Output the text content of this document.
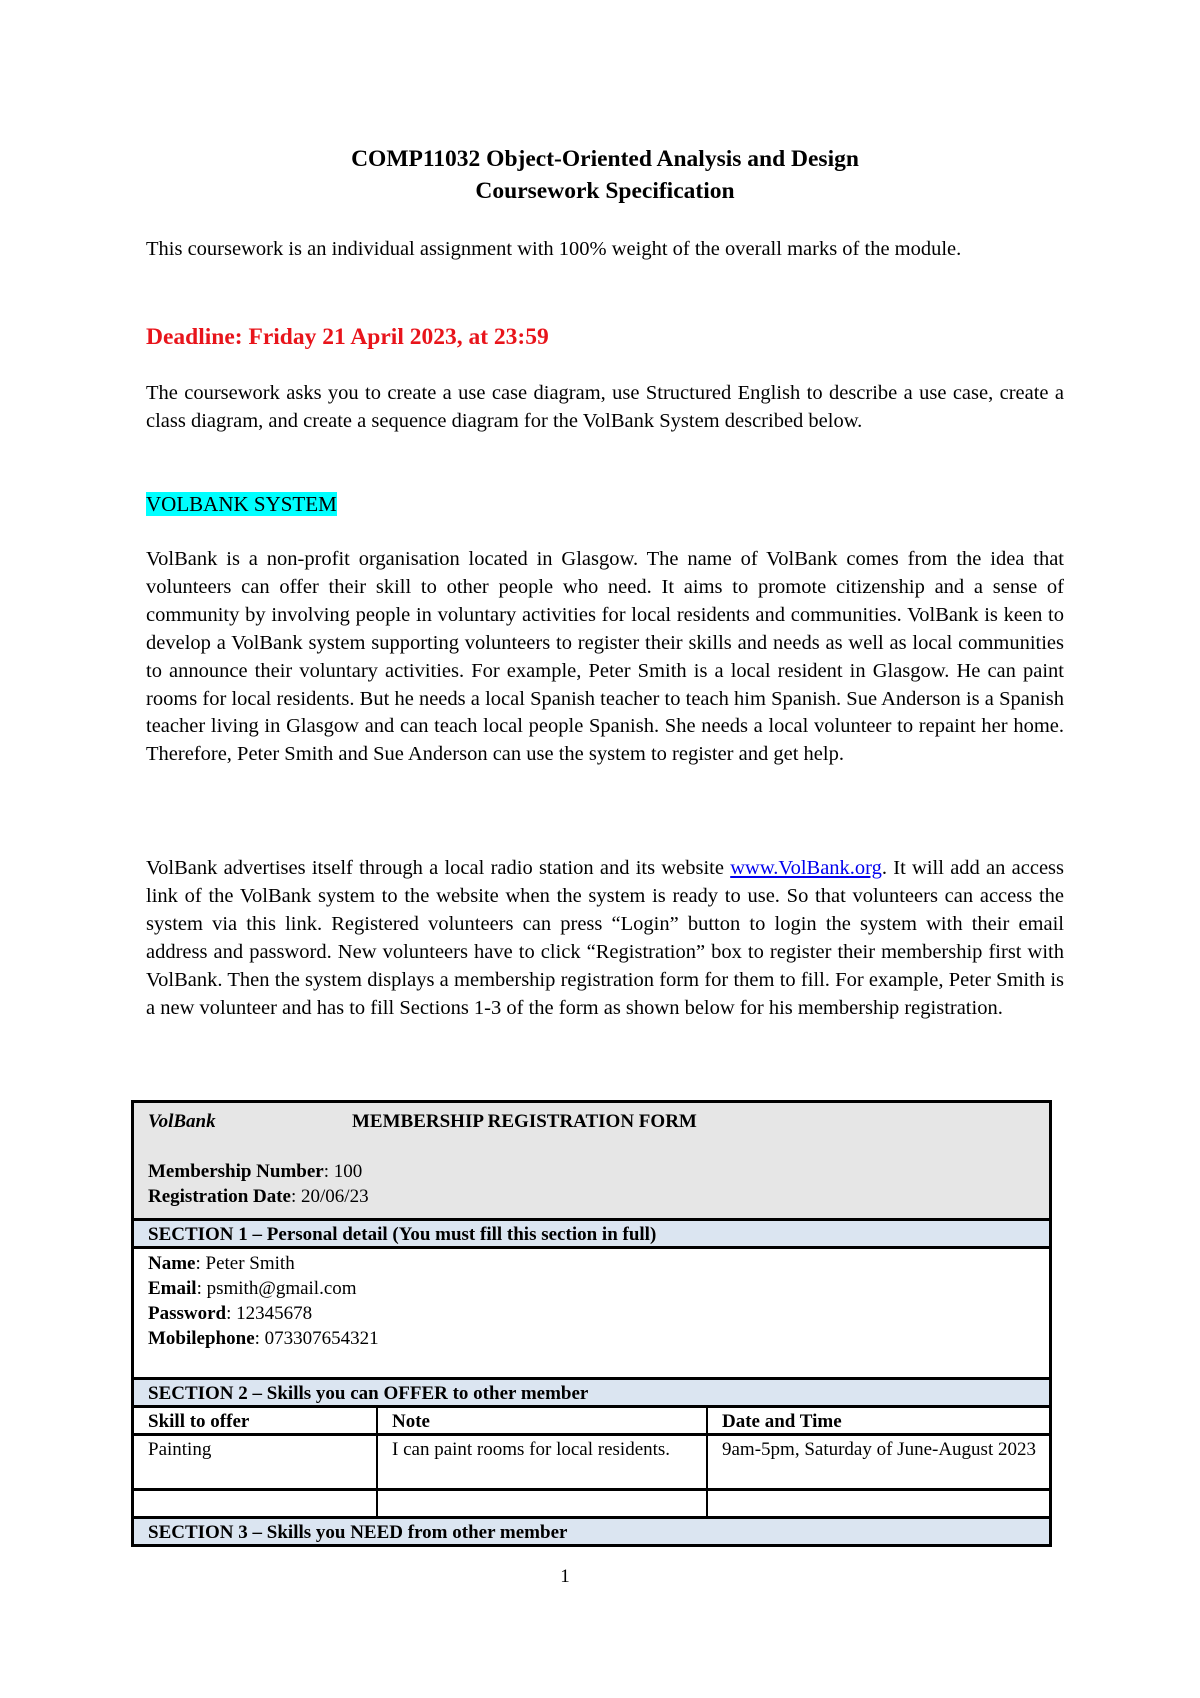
COMP11032 Object-Oriented Analysis and Design
Coursework Specification
This coursework is an individual assignment with 100% weight of the overall marks of the module.
Deadline: Friday 21 April 2023, at 23:59
The coursework asks you to create a use case diagram, use Structured English to describe a use case, create a class diagram, and create a sequence diagram for the VolBank System described below.
VOLBANK SYSTEM
VolBank is a non-profit organisation located in Glasgow. The name of VolBank comes from the idea that volunteers can offer their skill to other people who need. It aims to promote citizenship and a sense of community by involving people in voluntary activities for local residents and communities. VolBank is keen to develop a VolBank system supporting volunteers to register their skills and needs as well as local communities to announce their voluntary activities. For example, Peter Smith is a local resident in Glasgow. He can paint rooms for local residents. But he needs a local Spanish teacher to teach him Spanish. Sue Anderson is a Spanish teacher living in Glasgow and can teach local people Spanish. She needs a local volunteer to repaint her home. Therefore, Peter Smith and Sue Anderson can use the system to register and get help.
VolBank advertises itself through a local radio station and its website www.VolBank.org. It will add an access link of the VolBank system to the website when the system is ready to use. So that volunteers can access the system via this link. Registered volunteers can press “Login” button to login the system with their email address and password. New volunteers have to click “Registration” box to register their membership first with VolBank. Then the system displays a membership registration form for them to fill. For example, Peter Smith is a new volunteer and has to fill Sections 1-3 of the form as shown below for his membership registration.
VolBank	MEMBERSHIP REGISTRATION FORM
Membership Number: 100
Registration Date: 20/06/23
SECTION 1 – Personal detail (You must fill this section in full)
Name: Peter Smith
Email: psmith@gmail.com
Password: 12345678
Mobilephone: 073307654321
SECTION 2 – Skills you can OFFER to other member
Skill to offer	Note	Date and Time
Painting	I can paint rooms for local residents.	9am-5pm, Saturday of June-August 2023
SECTION 3 – Skills you NEED from other member
1
